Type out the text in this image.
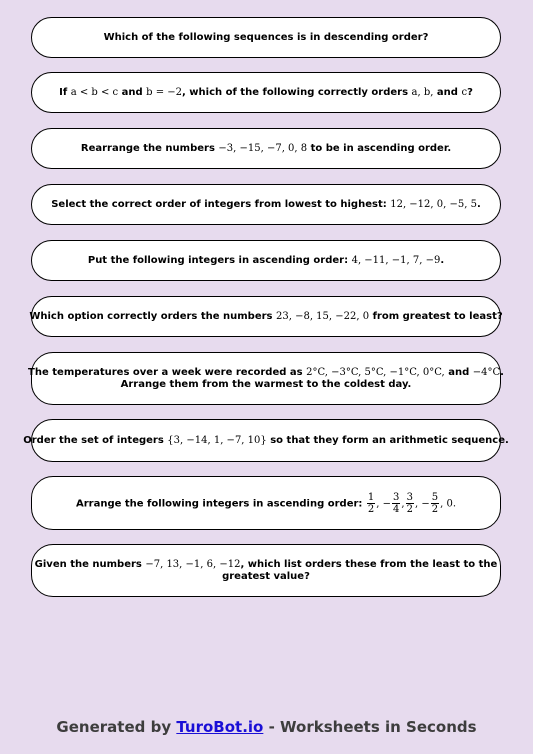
Which of the following sequences is in descending order?
If a < b < c and b = −2, which of the following correctly orders a, b, and c?
Rearrange the numbers −3, −15, −7, 0, 8 to be in ascending order.
Select the correct order of integers from lowest to highest: 12, −12, 0, −5, 5.
Put the following integers in ascending order: 4, −11, −1, 7, −9.
Which option correctly orders the numbers 23, −8, 15, −22, 0 from greatest to least?
The temperatures over a week were recorded as 2°C, −3°C, 5°C, −1°C, 0°C, and −4°C.
Arrange them from the warmest to the coldest day.
Order the set of integers {3, −14, 1, −7, 10} so that they form an arithmetic sequence.
Arrange the following integers in ascending order: $\frac{1}{2}$ , − $\frac{3}{4}$ , $\frac{3}{2}$ , − $\frac{5}{2}$ , 0.
Given the numbers −7, 13, −1, 6, −12, which list orders these from the least to the
greatest value?
Generated by TuroBot.io - Worksheets in Seconds
